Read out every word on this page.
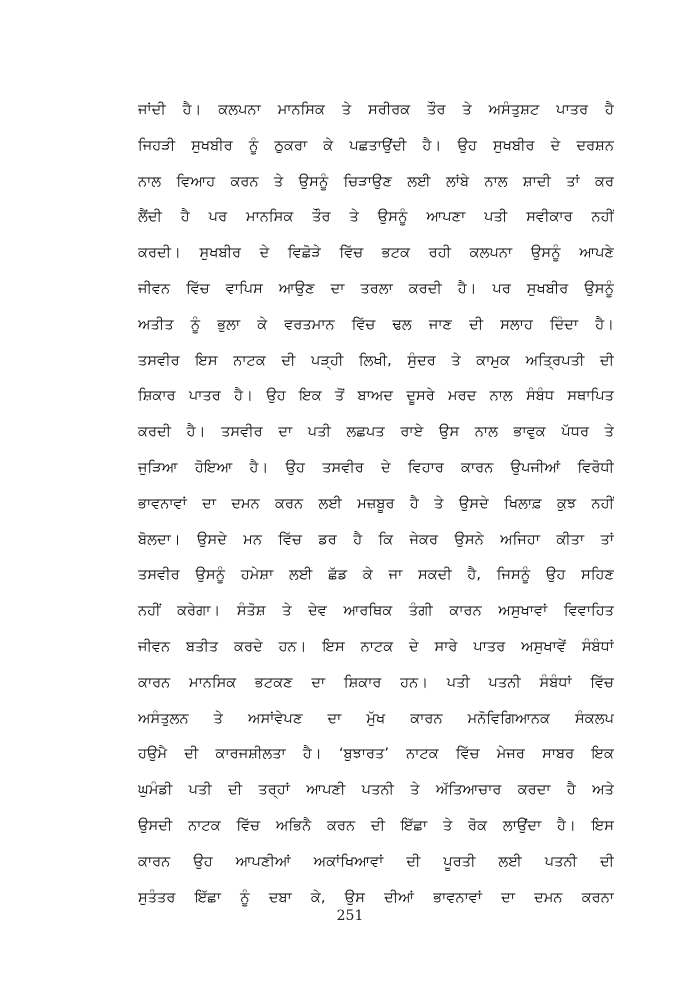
ਜਾਂਦੀ ਹੈ। ਕਲਪਨਾ ਮਾਨਸਿਕ ਤੇ ਸਰੀਰਕ ਤੌਰ ਤੇ ਅਸੰਤੁਸ਼ਟ ਪਾਤਰ ਹੈ
ਜਿਹੜੀ ਸੁਖਬੀਰ ਨੂੰ ਠੁਕਰਾ ਕੇ ਪਛਤਾਉਂਦੀ ਹੈ। ਉਹ ਸੁਖਬੀਰ ਦੇ ਦਰਸ਼ਨ
ਨਾਲ ਵਿਆਹ ਕਰਨ ਤੇ ਉਸਨੂੰ ਚਿੜਾਉਣ ਲਈ ਲਾਂਬੇ ਨਾਲ ਸ਼ਾਦੀ ਤਾਂ ਕਰ
ਲੈਂਦੀ ਹੈ ਪਰ ਮਾਨਸਿਕ ਤੌਰ ਤੇ ਉਸਨੂੰ ਆਪਣਾ ਪਤੀ ਸਵੀਕਾਰ ਨਹੀਂ
ਕਰਦੀ। ਸੁਖਬੀਰ ਦੇ ਵਿਛੋੜੇ ਵਿੱਚ ਭਟਕ ਰਹੀ ਕਲਪਨਾ ਉਸਨੂੰ ਆਪਣੇ
ਜੀਵਨ ਵਿੱਚ ਵਾਪਿਸ ਆਉਣ ਦਾ ਤਰਲਾ ਕਰਦੀ ਹੈ। ਪਰ ਸੁਖਬੀਰ ਉਸਨੂੰ
ਅਤੀਤ ਨੂੰ ਭੁਲਾ ਕੇ ਵਰਤਮਾਨ ਵਿੱਚ ਢਲ ਜਾਣ ਦੀ ਸਲਾਹ ਦਿੰਦਾ ਹੈ।
ਤਸਵੀਰ ਇਸ ਨਾਟਕ ਦੀ ਪੜ੍ਹੀ ਲਿਖੀ, ਸੁੰਦਰ ਤੇ ਕਾਮੁਕ ਅਤ੍ਰਿਪਤੀ ਦੀ
ਸ਼ਿਕਾਰ ਪਾਤਰ ਹੈ। ਉਹ ਇਕ ਤੋਂ ਬਾਅਦ ਦੂਸਰੇ ਮਰਦ ਨਾਲ ਸੰਬੰਧ ਸਥਾਪਿਤ
ਕਰਦੀ ਹੈ। ਤਸਵੀਰ ਦਾ ਪਤੀ ਲਛਪਤ ਰਾਏ ਉਸ ਨਾਲ ਭਾਵੁਕ ਪੱਧਰ ਤੇ
ਜੁੜਿਆ ਹੋਇਆ ਹੈ। ਉਹ ਤਸਵੀਰ ਦੇ ਵਿਹਾਰ ਕਾਰਨ ਉਪਜੀਆਂ ਵਿਰੋਧੀ
ਭਾਵਨਾਵਾਂ ਦਾ ਦਮਨ ਕਰਨ ਲਈ ਮਜ਼ਬੂਰ ਹੈ ਤੇ ਉਸਦੇ ਖਿਲਾਫ਼ ਕੁਝ ਨਹੀਂ
ਬੋਲਦਾ। ਉਸਦੇ ਮਨ ਵਿੱਚ ਡਰ ਹੈ ਕਿ ਜੇਕਰ ਉਸਨੇ ਅਜਿਹਾ ਕੀਤਾ ਤਾਂ
ਤਸਵੀਰ ਉਸਨੂੰ ਹਮੇਸ਼ਾ ਲਈ ਛੱਡ ਕੇ ਜਾ ਸਕਦੀ ਹੈ, ਜਿਸਨੂੰ ਉਹ ਸਹਿਣ
ਨਹੀਂ ਕਰੇਗਾ। ਸੰਤੋਸ਼ ਤੇ ਦੇਵ ਆਰਥਿਕ ਤੰਗੀ ਕਾਰਨ ਅਸੁਖਾਵਾਂ ਵਿਵਾਹਿਤ
ਜੀਵਨ ਬਤੀਤ ਕਰਦੇ ਹਨ। ਇਸ ਨਾਟਕ ਦੇ ਸਾਰੇ ਪਾਤਰ ਅਸੁਖਾਵੇਂ ਸੰਬੰਧਾਂ
ਕਾਰਨ ਮਾਨਸਿਕ ਭਟਕਣ ਦਾ ਸ਼ਿਕਾਰ ਹਨ। ਪਤੀ ਪਤਨੀ ਸੰਬੰਧਾਂ ਵਿੱਚ
ਅਸੰਤੁਲਨ ਤੇ ਅਸਾਂਵੇਪਣ ਦਾ ਮੁੱਖ ਕਾਰਨ ਮਨੋਵਿਗਿਆਨਕ ਸੰਕਲਪ
ਹਉਮੈ ਦੀ ਕਾਰਜਸ਼ੀਲਤਾ ਹੈ। ‘ਬੁਝਾਰਤ’ ਨਾਟਕ ਵਿੱਚ ਮੇਜਰ ਸਾਬਰ ਇਕ
ਘੁਮੰਡੀ ਪਤੀ ਦੀ ਤਰ੍ਹਾਂ ਆਪਣੀ ਪਤਨੀ ਤੇ ਅੱਤਿਆਚਾਰ ਕਰਦਾ ਹੈ ਅਤੇ
ਉਸਦੀ ਨਾਟਕ ਵਿੱਚ ਅਭਿਨੈ ਕਰਨ ਦੀ ਇੱਛਾ ਤੇ ਰੋਕ ਲਾਉਂਦਾ ਹੈ। ਇਸ
ਕਾਰਨ ਉਹ ਆਪਣੀਆਂ ਅਕਾਂਖਿਆਵਾਂ ਦੀ ਪੂਰਤੀ ਲਈ ਪਤਨੀ ਦੀ
ਸੁਤੰਤਰ ਇੱਛਾ ਨੂੰ ਦਬਾ ਕੇ, ਉਸ ਦੀਆਂ ਭਾਵਨਾਵਾਂ ਦਾ ਦਮਨ ਕਰਨਾ
251
